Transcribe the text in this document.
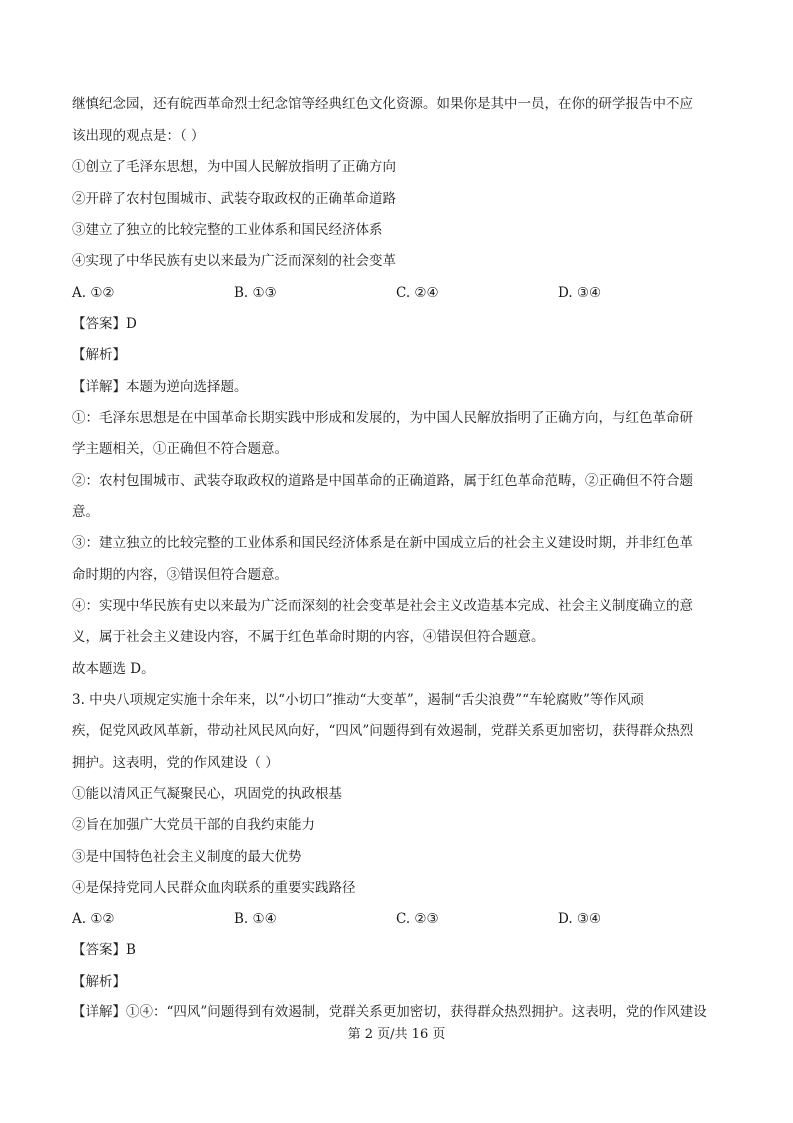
继慎纪念园，还有皖西革命烈士纪念馆等经典红色文化资源。如果你是其中一员，在你的研学报告中不应
该出现的观点是：（ ）
①创立了毛泽东思想，为中国人民解放指明了正确方向
②开辟了农村包围城市、武装夺取政权的正确革命道路
③建立了独立的比较完整的工业体系和国民经济体系
④实现了中华民族有史以来最为广泛而深刻的社会变革
A. ①②	B. ①③	C. ②④	D. ③④
【答案】D
【解析】
【详解】本题为逆向选择题。
①：毛泽东思想是在中国革命长期实践中形成和发展的，为中国人民解放指明了正确方向，与红色革命研
学主题相关，①正确但不符合题意。
②：农村包围城市、武装夺取政权的道路是中国革命的正确道路，属于红色革命范畴，②正确但不符合题
意。
③：建立独立的比较完整的工业体系和国民经济体系是在新中国成立后的社会主义建设时期，并非红色革
命时期的内容，③错误但符合题意。
④：实现中华民族有史以来最为广泛而深刻的社会变革是社会主义改造基本完成、社会主义制度确立的意
义，属于社会主义建设内容，不属于红色革命时期的内容，④错误但符合题意。
故本题选 D。
3. 中央八项规定实施十余年来，以“小切口”推动“大变革”，遏制“舌尖浪费”“车轮腐败”等作风顽
疾，促党风政风革新，带动社风民风向好，“四风”问题得到有效遏制，党群关系更加密切，获得群众热烈
拥护。这表明，党的作风建设（ ）
①能以清风正气凝聚民心，巩固党的执政根基
②旨在加强广大党员干部的自我约束能力
③是中国特色社会主义制度的最大优势
④是保持党同人民群众血肉联系的重要实践路径
A. ①②	B. ①④	C. ②③	D. ③④
【答案】B
【解析】
【详解】①④：“四风”问题得到有效遏制，党群关系更加密切，获得群众热烈拥护。这表明，党的作风建设
第 2 页/共 16 页
